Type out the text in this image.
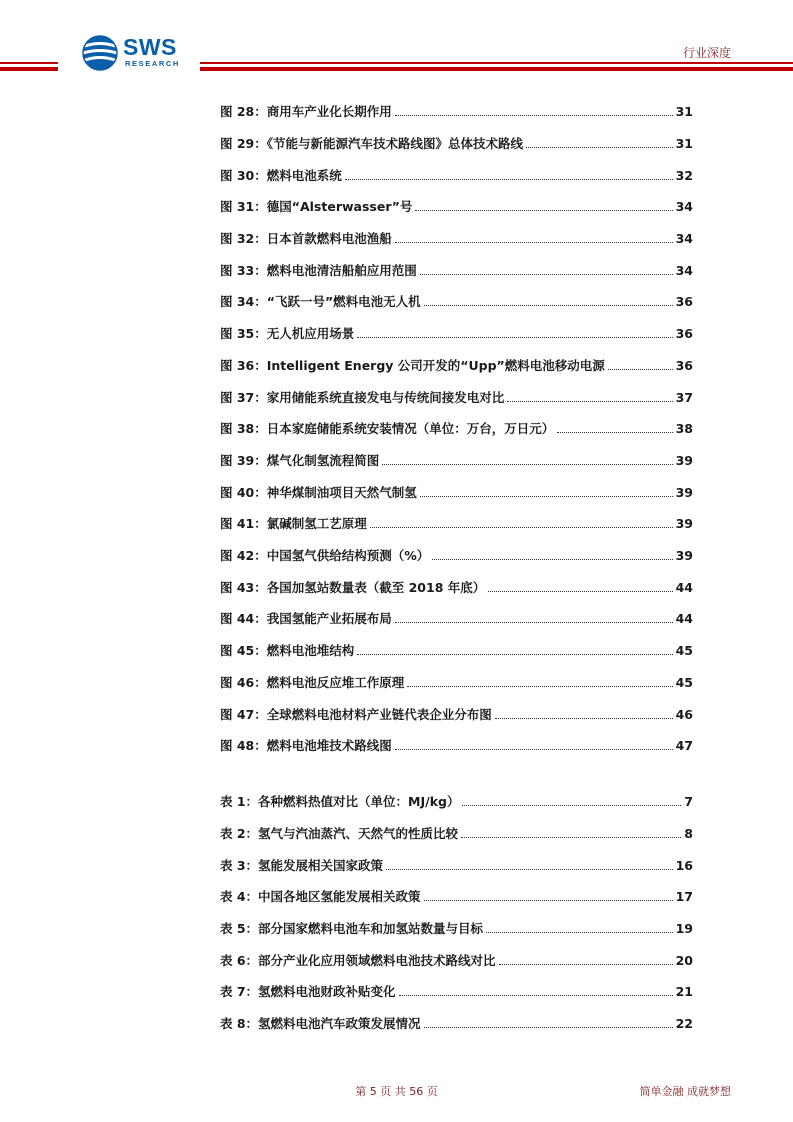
SWS
RESEARCH
行业深度
图 28：商用车产业化长期作用	31
图 29：《节能与新能源汽车技术路线图》总体技术路线	31
图 30：燃料电池系统	32
图 31：德国“Alsterwasser”号	34
图 32：日本首款燃料电池渔船	34
图 33：燃料电池清洁船舶应用范围	34
图 34：“飞跃一号”燃料电池无人机	36
图 35：无人机应用场景	36
图 36：Intelligent Energy 公司开发的“Upp”燃料电池移动电源	36
图 37：家用储能系统直接发电与传统间接发电对比	37
图 38：日本家庭储能系统安装情况（单位：万台，万日元）	38
图 39：煤气化制氢流程简图	39
图 40：神华煤制油项目天然气制氢	39
图 41：氯碱制氢工艺原理	39
图 42：中国氢气供给结构预测（%）	39
图 43：各国加氢站数量表（截至 2018 年底）	44
图 44：我国氢能产业拓展布局	44
图 45：燃料电池堆结构	45
图 46：燃料电池反应堆工作原理	45
图 47：全球燃料电池材料产业链代表企业分布图	46
图 48：燃料电池堆技术路线图	47
表 1：各种燃料热值对比（单位：MJ/kg）	7
表 2：氢气与汽油蒸汽、天然气的性质比较	8
表 3：氢能发展相关国家政策	16
表 4：中国各地区氢能发展相关政策	17
表 5：部分国家燃料电池车和加氢站数量与目标	19
表 6：部分产业化应用领域燃料电池技术路线对比	20
表 7：氢燃料电池财政补贴变化	21
表 8：氢燃料电池汽车政策发展情况	22
第 5 页 共 56 页	简单金融 成就梦想
